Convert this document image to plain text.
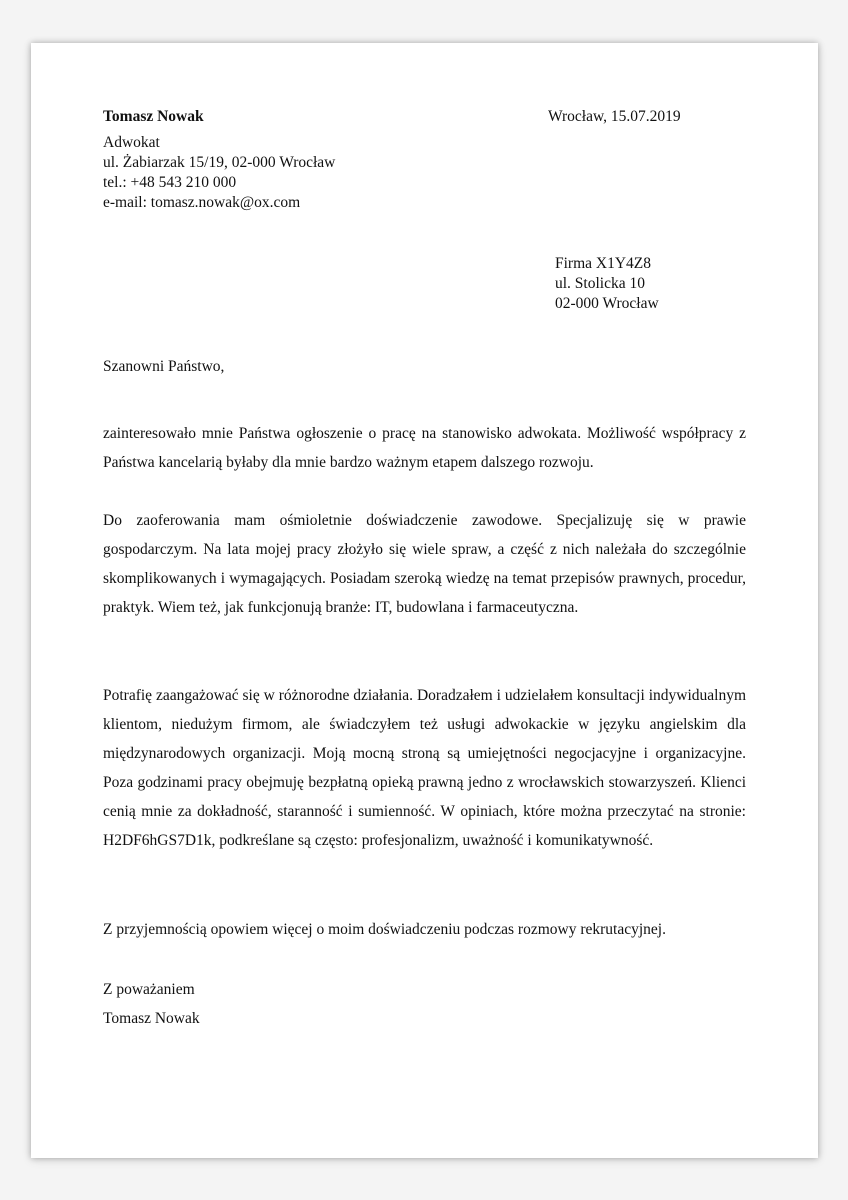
Tomasz Nowak
Adwokat
ul. Żabiarzak 15/19, 02-000 Wrocław
tel.: +48 543 210 000
e-mail: tomasz.nowak@ox.com
Wrocław, 15.07.2019
Firma X1Y4Z8
ul. Stolicka 10
02-000 Wrocław
Szanowni Państwo,
zainteresowało mnie Państwa ogłoszenie o pracę na stanowisko adwokata. Możliwość współpracy z Państwa kancelarią byłaby dla mnie bardzo ważnym etapem dalszego rozwoju.
Do zaoferowania mam ośmioletnie doświadczenie zawodowe. Specjalizuję się w prawie gospodarczym. Na lata mojej pracy złożyło się wiele spraw, a część z nich należała do szczególnie skomplikowanych i wymagających. Posiadam szeroką wiedzę na temat przepisów prawnych, procedur, praktyk. Wiem też, jak funkcjonują branże: IT, budowlana i farmaceutyczna.
Potrafię zaangażować się w różnorodne działania. Doradzałem i udzielałem konsultacji indywidualnym klientom, niedużym firmom, ale świadczyłem też usługi adwokackie w języku angielskim dla międzynarodowych organizacji. Moją mocną stroną są umiejętności negocjacyjne i organizacyjne. Poza godzinami pracy obejmuję bezpłatną opieką prawną jedno z wrocławskich stowarzyszeń. Klienci cenią mnie za dokładność, staranność i sumienność. W opiniach, które można przeczytać na stronie: H2DF6hGS7D1k, podkreślane są często: profesjonalizm, uważność i komunikatywność.
Z przyjemnością opowiem więcej o moim doświadczeniu podczas rozmowy rekrutacyjnej.
Z poważaniem
Tomasz Nowak
